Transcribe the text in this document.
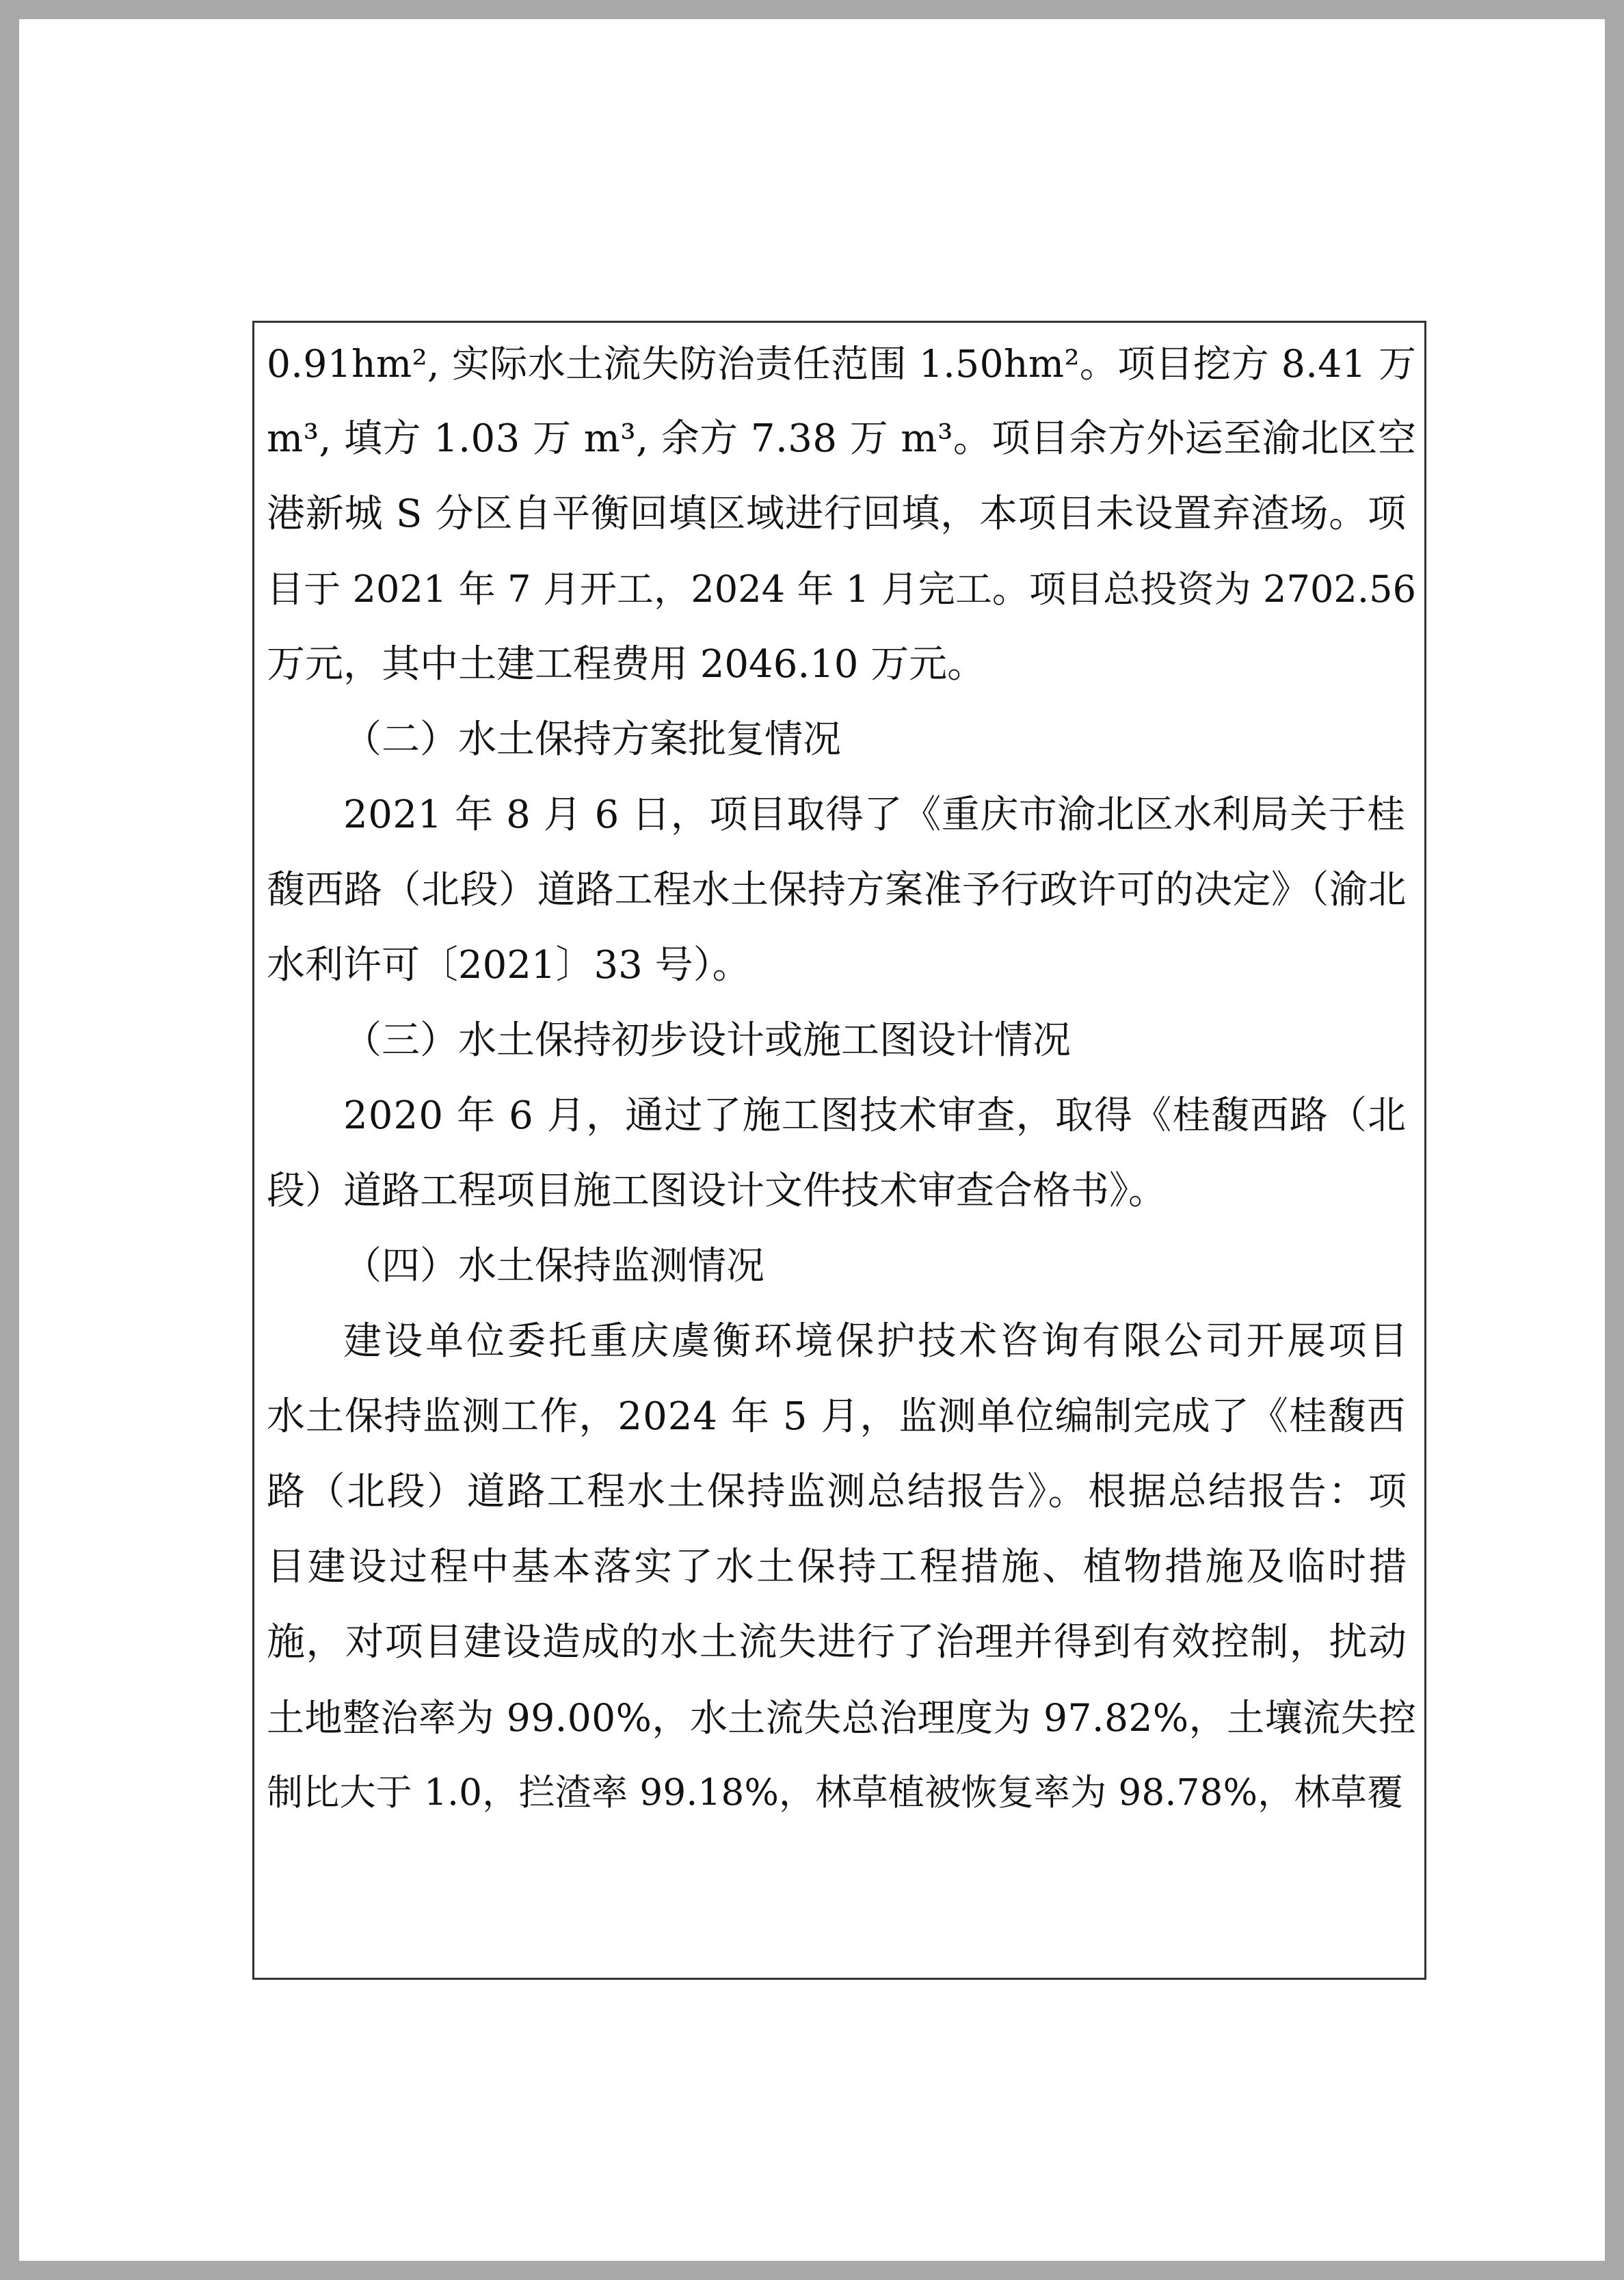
0.91hm², 实际水土流失防治责任范围 1.50hm²。项目挖方 8.41 万
m³, 填方 1.03 万 m³, 余方 7.38 万 m³。项目余方外运至渝北区空
港新城 S 分区自平衡回填区域进行回填，本项目未设置弃渣场。项
目于 2021 年 7 月开工，2024 年 1 月完工。项目总投资为 2702.56
万元，其中土建工程费用 2046.10 万元。
（二）水土保持方案批复情况
2021 年 8 月 6 日，项目取得了《重庆市渝北区水利局关于桂
馥西路（北段）道路工程水土保持方案准予行政许可的决定》（渝北
水利许可〔2021〕33 号）。
（三）水土保持初步设计或施工图设计情况
2020 年 6 月，通过了施工图技术审查，取得《桂馥西路（北
段）道路工程项目施工图设计文件技术审查合格书》。
（四）水土保持监测情况
建设单位委托重庆虞衡环境保护技术咨询有限公司开展项目
水土保持监测工作，2024 年 5 月，监测单位编制完成了《桂馥西
路（北段）道路工程水土保持监测总结报告》。根据总结报告：项
目建设过程中基本落实了水土保持工程措施、植物措施及临时措
施，对项目建设造成的水土流失进行了治理并得到有效控制，扰动
土地整治率为 99.00%，水土流失总治理度为 97.82%，土壤流失控
制比大于 1.0，拦渣率 99.18%，林草植被恢复率为 98.78%，林草覆
